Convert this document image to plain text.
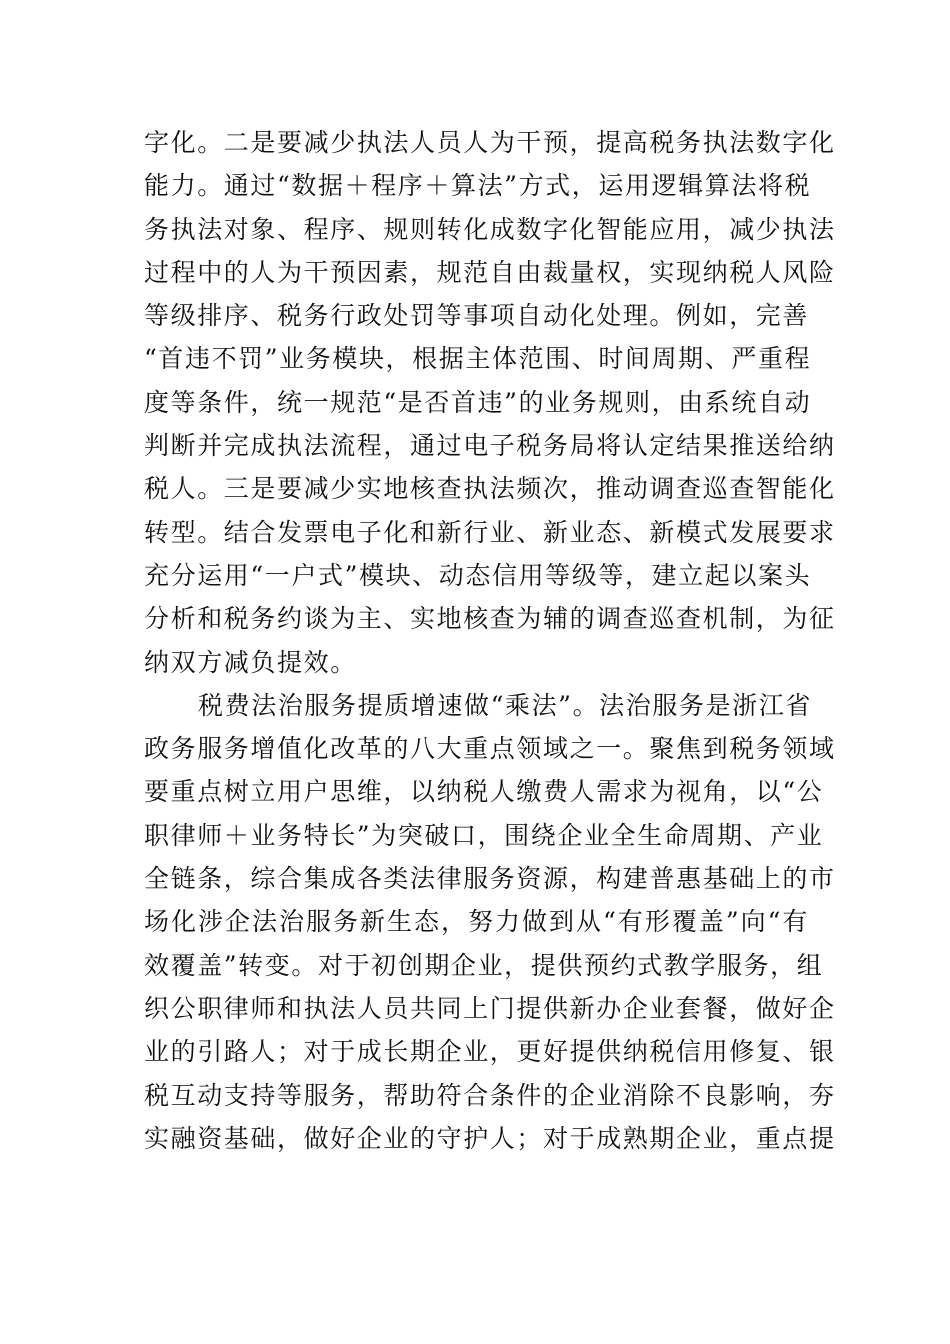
字化。二是要减少执法人员人为干预，提高税务执法数字化
能力。通过“数据＋程序＋算法”方式，运用逻辑算法将税
务执法对象、程序、规则转化成数字化智能应用，减少执法
过程中的人为干预因素，规范自由裁量权，实现纳税人风险
等级排序、税务行政处罚等事项自动化处理。例如，完善
“首违不罚”业务模块，根据主体范围、时间周期、严重程
度等条件，统一规范“是否首违”的业务规则，由系统自动
判断并完成执法流程，通过电子税务局将认定结果推送给纳
税人。三是要减少实地核查执法频次，推动调查巡查智能化
转型。结合发票电子化和新行业、新业态、新模式发展要求
充分运用“一户式”模块、动态信用等级等，建立起以案头
分析和税务约谈为主、实地核查为辅的调查巡查机制，为征
纳双方减负提效。
税费法治服务提质增速做“乘法”。法治服务是浙江省
政务服务增值化改革的八大重点领域之一。聚焦到税务领域
要重点树立用户思维，以纳税人缴费人需求为视角，以“公
职律师＋业务特长”为突破口，围绕企业全生命周期、产业
全链条，综合集成各类法律服务资源，构建普惠基础上的市
场化涉企法治服务新生态，努力做到从“有形覆盖”向“有
效覆盖”转变。对于初创期企业，提供预约式教学服务，组
织公职律师和执法人员共同上门提供新办企业套餐，做好企
业的引路人；对于成长期企业，更好提供纳税信用修复、银
税互动支持等服务，帮助符合条件的企业消除不良影响，夯
实融资基础，做好企业的守护人；对于成熟期企业，重点提
